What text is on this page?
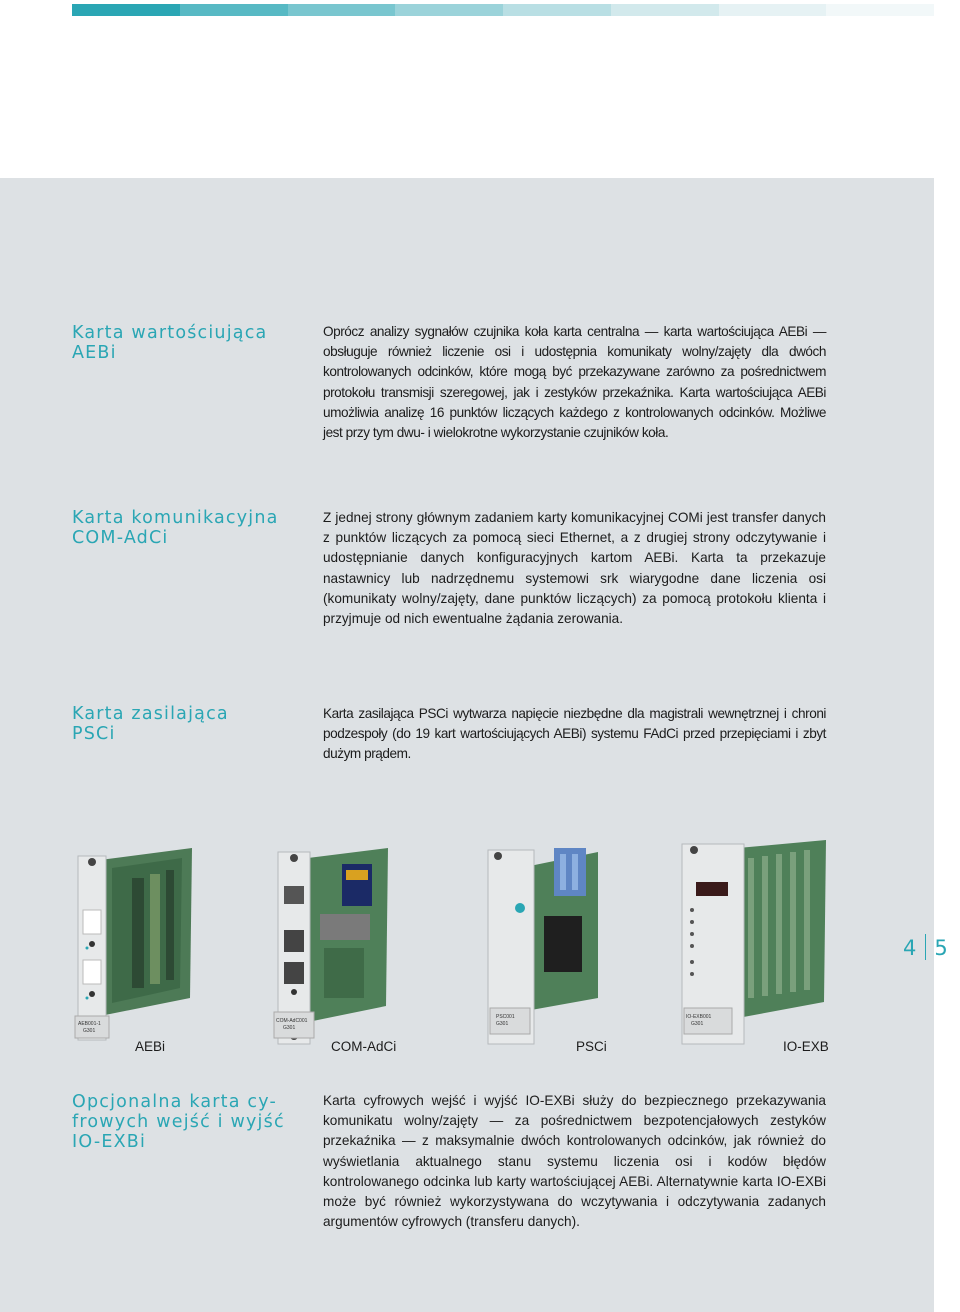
Karta wartościująca
AEBi

Oprócz analizy sygnałów czujnika koła karta centralna — karta wartościująca AEBi — obsługuje również liczenie osi i udostępnia komunikaty wolny/zajęty dla dwóch kontrolowanych odcinków, które mogą być przekazywane zarówno za pośrednictwem protokołu transmisji szeregowej, jak i zestyków przekaźnika. Karta wartościująca AEBi umożliwia analizę 16 punktów liczących każdego z kontrolowanych odcinków. Możliwe jest przy tym dwu- i wielokrotne wykorzystanie czujników koła.

Karta komunikacyjna
COM-AdCi

Z jednej strony głównym zadaniem karty komunikacyjnej COMi jest transfer danych z punktów liczących za pomocą sieci Ethernet, a z drugiej strony odczytywanie i udostępnianie danych konfiguracyjnych kartom AEBi. Karta ta przekazuje nastawnicy lub nadrzędnemu systemowi srk wiarygodne dane liczenia osi (komunikaty wolny/zajęty, dane punktów liczących) za pomocą protokołu klienta i przyjmuje od nich ewentualne żądania zerowania.

Karta zasilająca
PSCi

Karta zasilająca PSCi wytwarza napięcie niezbędne dla magistrali wewnętrznej i chroni podzespoły (do 19 kart wartościujących AEBi) systemu FAdCi przed przepięciami i zbyt dużym prądem.

AEB001-1
G301
COM-AdC001
G301
PSC001
G301
IO-EXB001
G301
AEBi	COM-AdCi	PSCi	IO-EXB
4 5
Opcjonalna karta cy-
frowych wejść i wyjść
IO-EXBi

Karta cyfrowych wejść i wyjść IO-EXBi służy do bezpiecznego przekazywania komunikatu wolny/zajęty — za pośrednictwem bezpotencjałowych zestyków przekaźnika — z maksymalnie dwóch kontrolowanych odcinków, jak również do wyświetlania aktualnego stanu systemu liczenia osi i kodów błędów kontrolowanego odcinka lub karty wartościującej AEBi. Alternatywnie karta IO-EXBi może być również wykorzystywana do wczytywania i odczytywania zadanych argumentów cyfrowych (transferu danych).
